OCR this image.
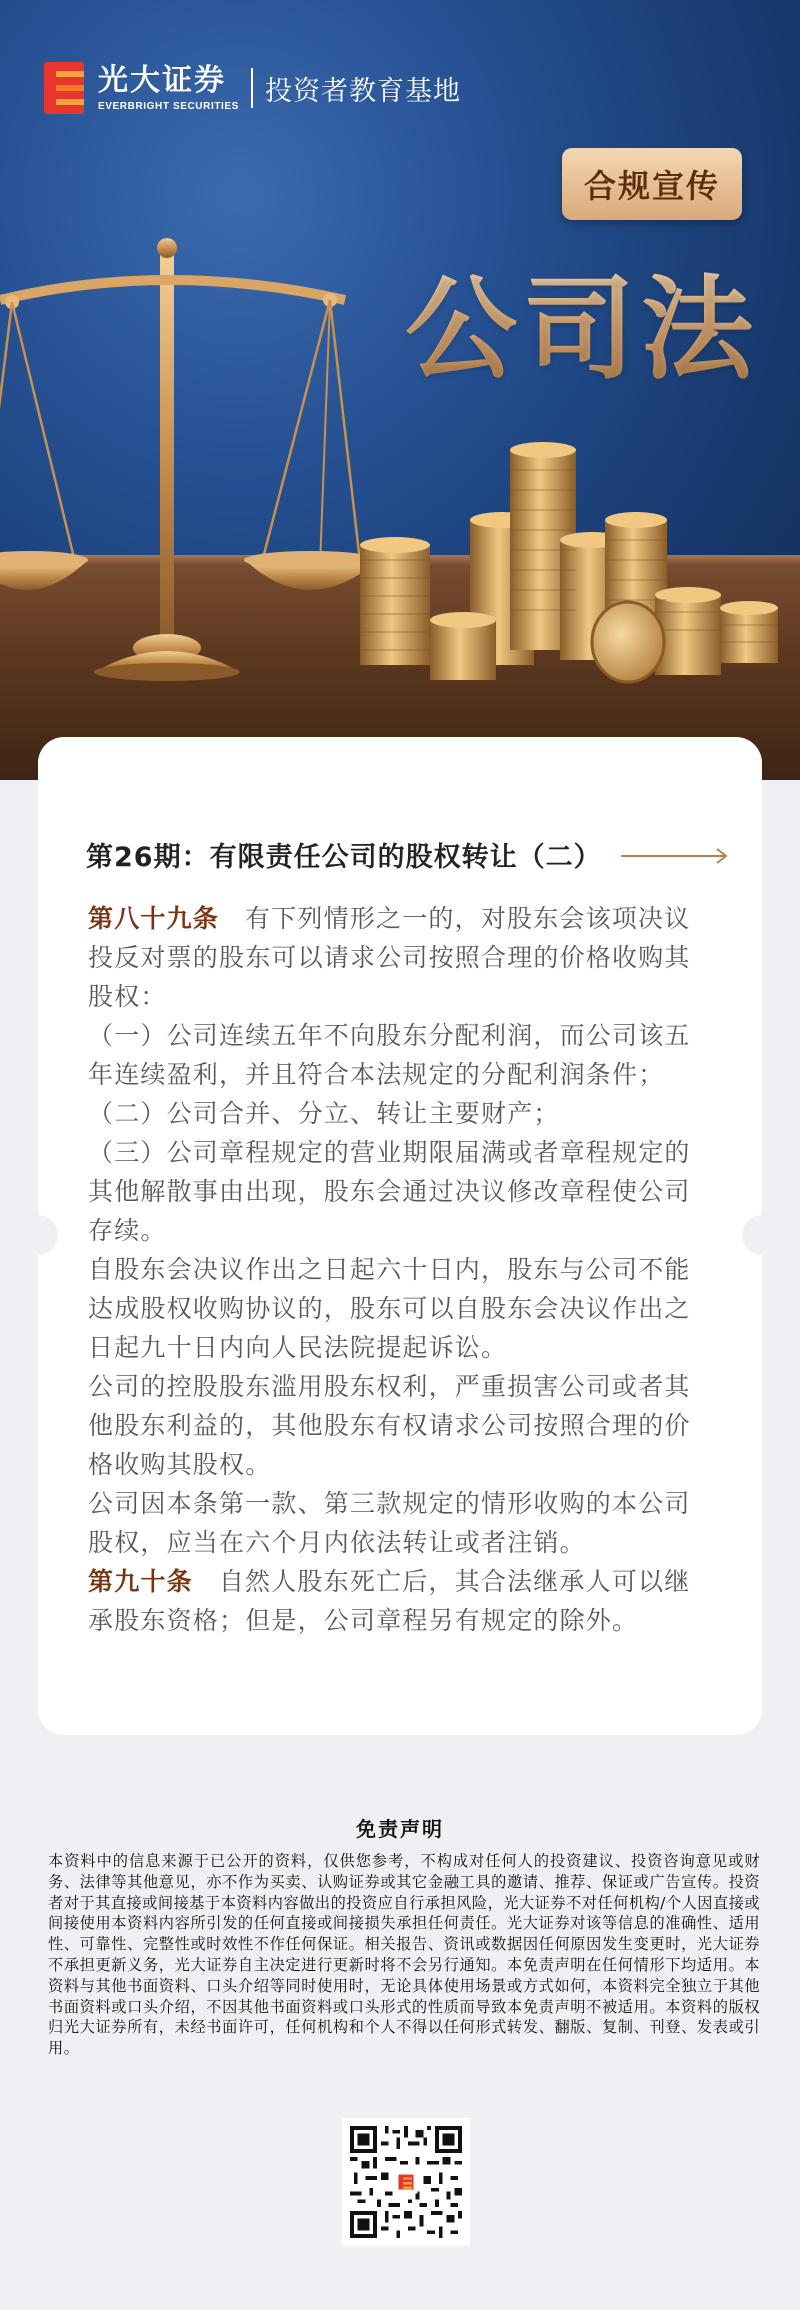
光大证券
EVERBRIGHT SECURITIES 投资者教育基地
合规宣传
公司法
第26期：有限责任公司的股权转让（二）

第八十九条 有下列情形之一的，对股东会该项决议投反对票的股东可以请求公司按照合理的价格收购其股权：

（一）公司连续五年不向股东分配利润，而公司该五年连续盈利，并且符合本法规定的分配利润条件；

（二）公司合并、分立、转让主要财产；

（三）公司章程规定的营业期限届满或者章程规定的其他解散事由出现，股东会通过决议修改章程使公司存续。

自股东会决议作出之日起六十日内，股东与公司不能达成股权收购协议的，股东可以自股东会决议作出之日起九十日内向人民法院提起诉讼。

公司的控股股东滥用股东权利，严重损害公司或者其他股东利益的，其他股东有权请求公司按照合理的价格收购其股权。

公司因本条第一款、第三款规定的情形收购的本公司股权，应当在六个月内依法转让或者注销。

第九十条 自然人股东死亡后，其合法继承人可以继承股东资格；但是，公司章程另有规定的除外。

免责声明
本资料中的信息来源于已公开的资料，仅供您参考，不构成对任何人的投资建议、投资咨询意见或财务、法律等其他意见，亦不作为买卖、认购证券或其它金融工具的邀请、推荐、保证或广告宣传。投资者对于其直接或间接基于本资料内容做出的投资应自行承担风险，光大证券不对任何机构/个人因直接或间接使用本资料内容所引发的任何直接或间接损失承担任何责任。光大证券对该等信息的准确性、适用性、可靠性、完整性或时效性不作任何保证。相关报告、资讯或数据因任何原因发生变更时，光大证券不承担更新义务，光大证券自主决定进行更新时将不会另行通知。本免责声明在任何情形下均适用。本资料与其他书面资料、口头介绍等同时使用时，无论具体使用场景或方式如何，本资料完全独立于其他书面资料或口头介绍，不因其他书面资料或口头形式的性质而导致本免责声明不被适用。本资料的版权归光大证券所有，未经书面许可，任何机构和个人不得以任何形式转发、翻版、复制、刊登、发表或引用。
